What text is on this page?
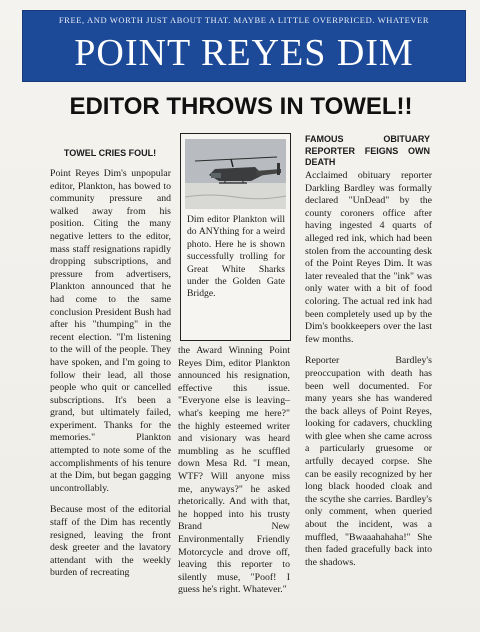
FREE, AND WORTH JUST ABOUT THAT. MAYBE A LITTLE OVERPRICED. WHATEVER
POINT REYES DIM
EDITOR THROWS IN TOWEL!!
TOWEL CRIES FOUL!

Point Reyes Dim's unpopular editor, Plankton, has bowed to community pressure and walked away from his position. Citing the many negative letters to the editor, mass staff resignations rapidly dropping subscriptions, and pressure from advertisers, Plankton announced that he had come to the same conclusion President Bush had after his "thumping" in the recent election. "I'm listening to the will of the people. They have spoken, and I'm going to follow their lead, all those people who quit or cancelled subscriptions. It's been a grand, but ultimately failed, experiment. Thanks for the memories." Plankton attempted to note some of the accomplishments of his tenure at the Dim, but began gagging uncontrollably.

Because most of the editorial staff of the Dim has recently resigned, leaving the front desk greeter and the lavatory attendant with the weekly burden of recreating

Dim editor Plankton will do ANYthing for a weird photo. Here he is shown successfully trolling for Great White Sharks under the Golden Gate Bridge.

the Award Winning Point Reyes Dim, editor Plankton announced his resignation, effective this issue. "Everyone else is leaving–what's keeping me here?" the highly esteemed writer and visionary was heard mumbling as he scuffled down Mesa Rd. "I mean, WTF? Will anyone miss me, anyways?" he asked rhetorically. And with that, he hopped into his trusty Brand New Environmentally Friendly Motorcycle and drove off, leaving this reporter to silently muse, "Poof! I guess he's right. Whatever."

FAMOUS OBITUARY REPORTER FEIGNS OWN DEATH

Acclaimed obituary reporter Darkling Bardley was formally declared "UnDead" by the county coroners office after having ingested 4 quarts of alleged red ink, which had been stolen from the accounting desk of the Point Reyes Dim. It was later revealed that the "ink" was only water with a bit of food coloring. The actual red ink had been completely used up by the Dim's bookkeepers over the last few months.

Reporter Bardley's preoccupation with death has been well documented. For many years she has wandered the back alleys of Point Reyes, looking for cadavers, chuckling with glee when she came across a particularly gruesome or artfully decayed corpse. She can be easily recognized by her long black hooded cloak and the scythe she carries. Bardley's only comment, when queried about the incident, was a muffled, "Bwaaahahaha!" She then faded gracefully back into the shadows.
